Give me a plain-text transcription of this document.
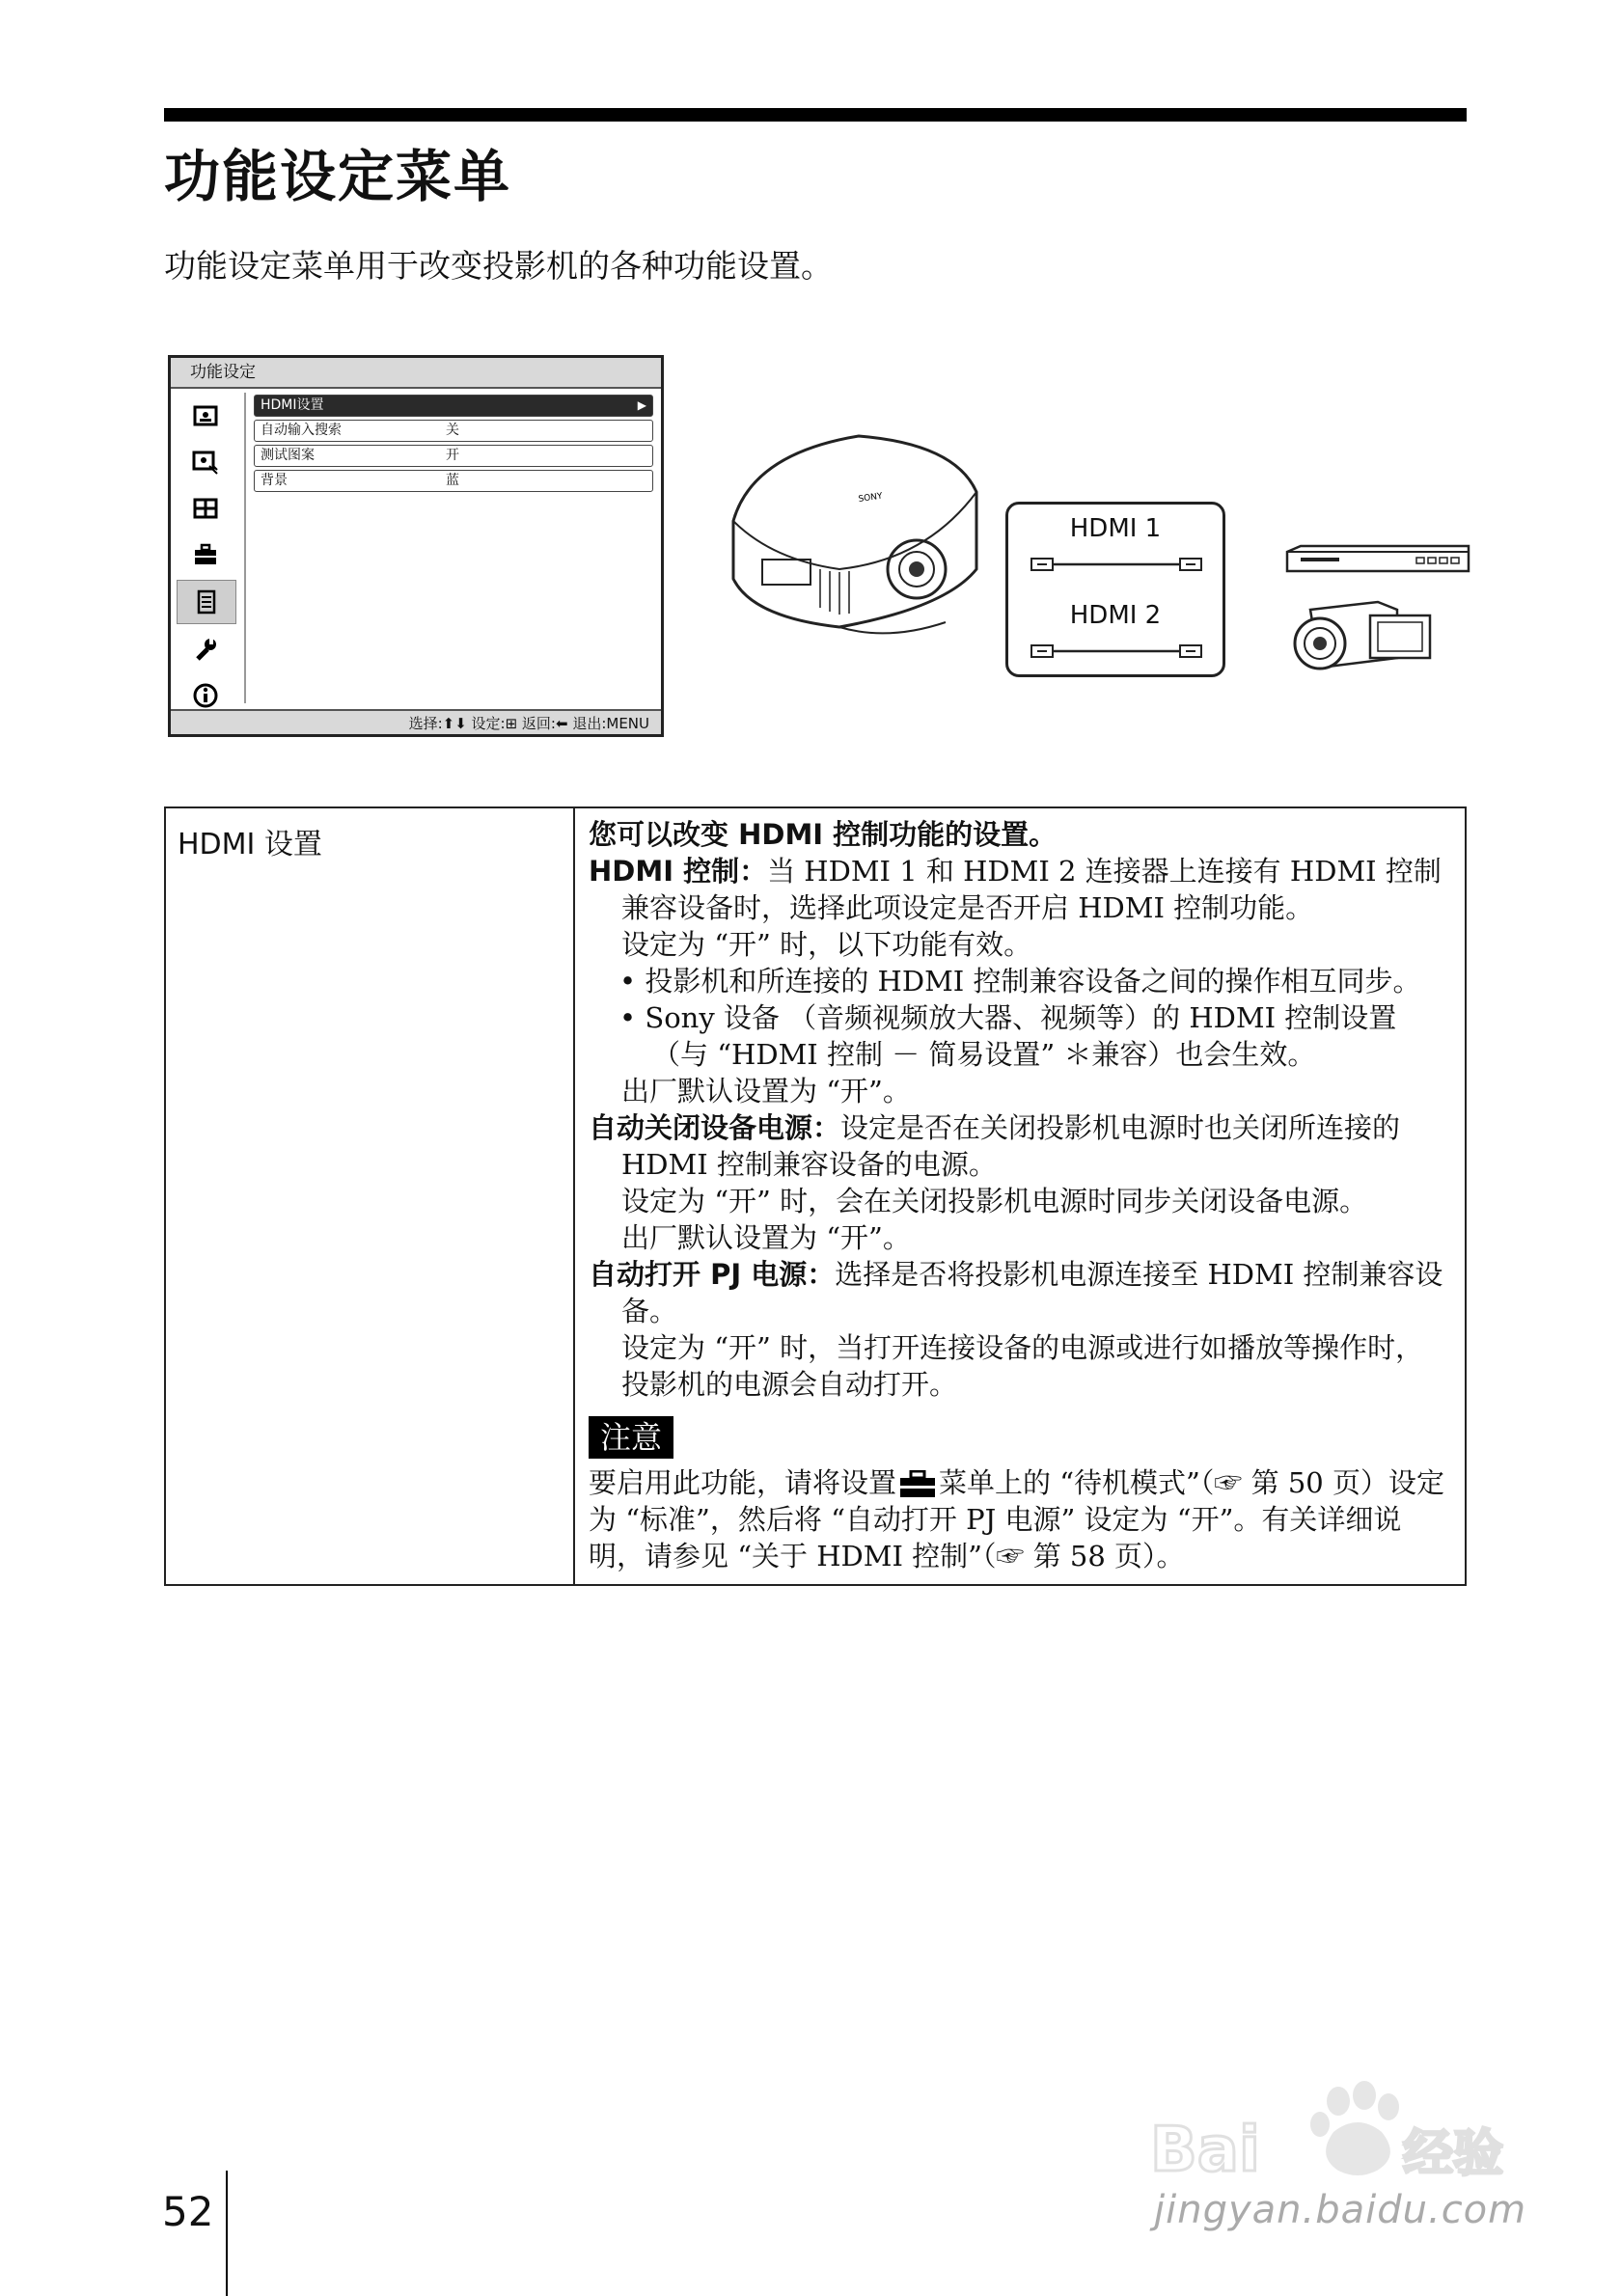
功能设定菜单
功能设定菜单用于改变投影机的各种功能设置。
功能设定
HDMI设置	▶
自动输入搜索	关
测试图案	开
背景	蓝
选择:⬆⬇ 设定:⊞ 返回:⬅ 退出:MENU
SONY
HDMI 1
HDMI 2
HDMI 设置	您可以改变 HDMI 控制功能的设置。
HDMI 控制：当 HDMI 1 和 HDMI 2 连接器上连接有 HDMI 控制兼容设备时，选择此项设定是否开启 HDMI 控制功能。
设定为 “开” 时，以下功能有效。
• 投影机和所连接的 HDMI 控制兼容设备之间的操作相互同步。
• Sony 设备 （音频视频放大器、视频等）的 HDMI 控制设置（与 “HDMI 控制 － 简易设置” ＊兼容）也会生效。
出厂默认设置为 “开”。
自动关闭设备电源：设定是否在关闭投影机电源时也关闭所连接的 HDMI 控制兼容设备的电源。
设定为 “开” 时，会在关闭投影机电源时同步关闭设备电源。
出厂默认设置为 “开”。
自动打开 PJ 电源：选择是否将投影机电源连接至 HDMI 控制兼容设备。
设定为 “开” 时，当打开连接设备的电源或进行如播放等操作时，投影机的电源会自动打开。
注意
要启用此功能，请将设置 菜单上的 “待机模式”（☞ 第 50 页）设定为 “标准”，然后将 “自动打开 PJ 电源” 设定为 “开”。有关详细说明，请参见 “关于 HDMI 控制”（☞ 第 58 页）。
52
Bai	经验
jingyan.baidu.com
